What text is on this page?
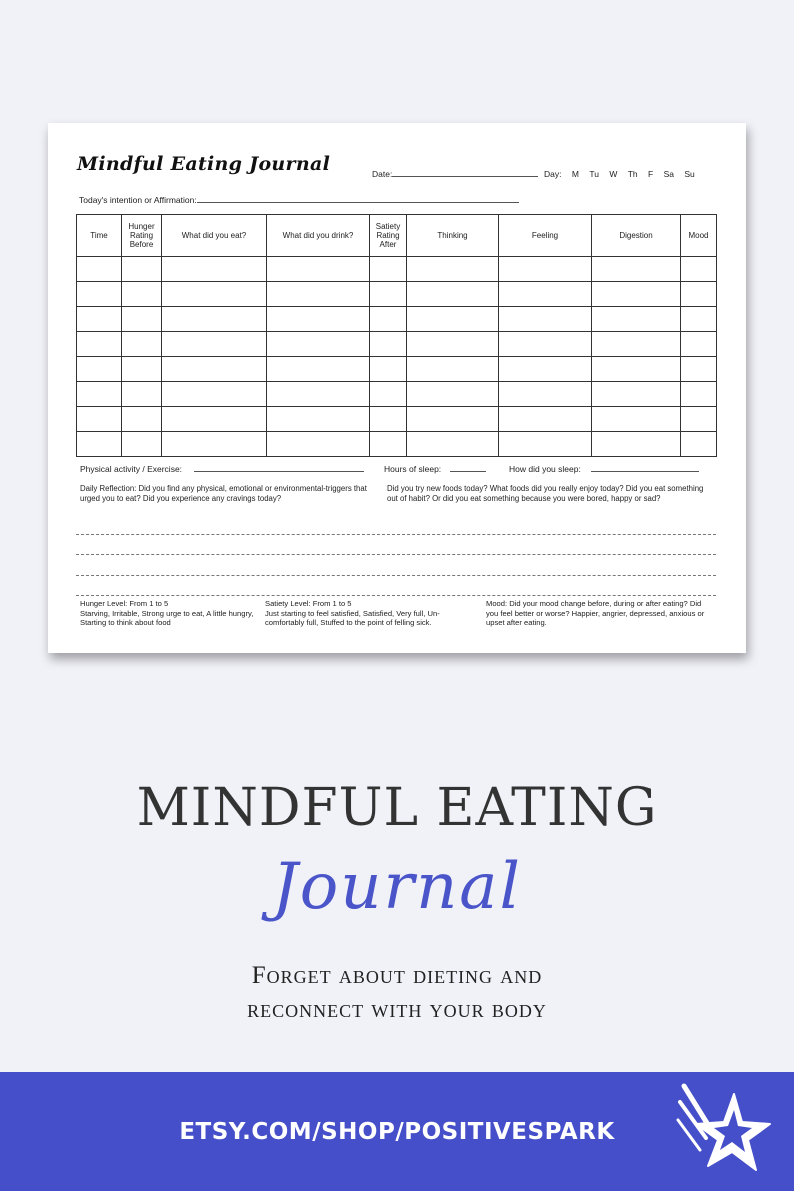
Mindful Eating Journal	Date:	Day: M Tu W Th F Sa Su
Today's intention or Affirmation:
Time	Hunger Rating Before	What did you eat?	What did you drink?	Satiety Rating After	Thinking	Feeling	Digestion	Mood

Physical activity / Exercise:	Hours of sleep:	How did you sleep:
Daily Reflection: Did you find any physical, emotional or environmental-triggers that urged you to eat? Did you experience any cravings today?
Did you try new foods today? What foods did you really enjoy today? Did you eat something out of habit? Or did you eat something because you were bored, happy or sad?
Hunger Level: From 1 to 5
Starving, Irritable, Strong urge to eat, A little hungry, Starting to think about food
Satiety Level: From 1 to 5
Just starting to feel satisfied, Satisfied, Very full, Un-comfortably full, Stuffed to the point of felling sick.
Mood: Did your mood change before, during or after eating? Did you feel better or worse? Happier, angrier, depressed, anxious or upset after eating.
MINDFUL EATING
Journal
Forget about dieting and
reconnect with your body
ETSY.COM/SHOP/POSITIVESPARK
